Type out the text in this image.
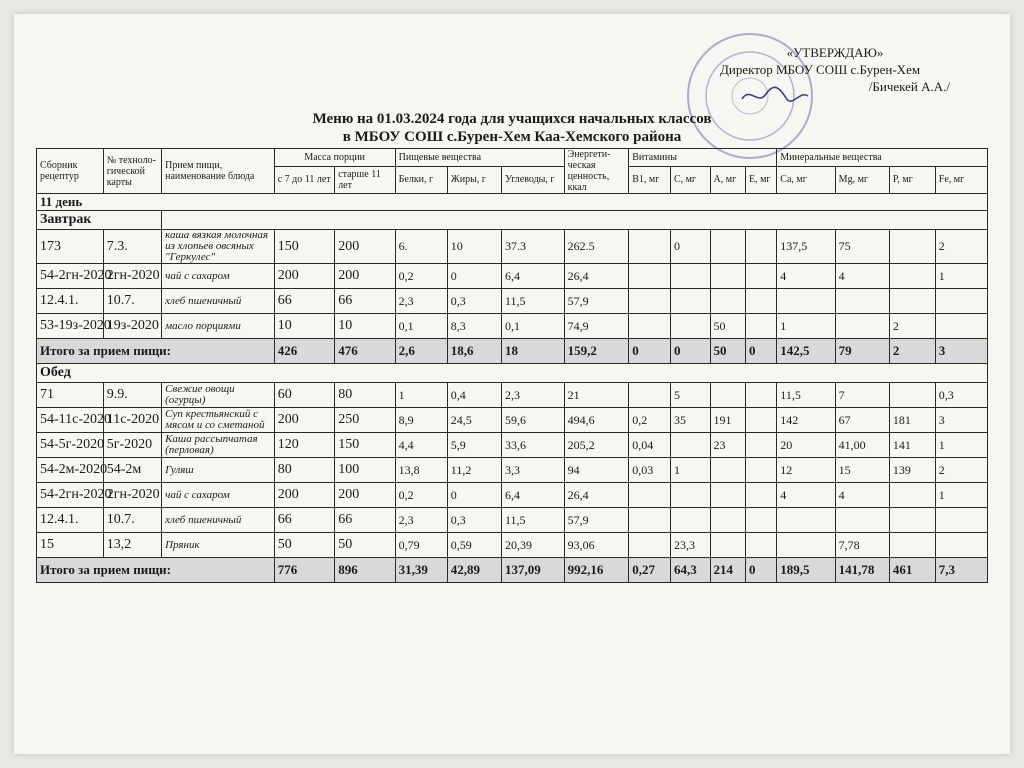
«УТВЕРЖДАЮ»
Директор МБОУ СОШ с.Бурен-Хем
/Бичекей А.А./
Меню на 01.03.2024 года для учащихся начальных классов
в МБОУ СОШ с.Бурен-Хем Каа-Хемского района
Сборник рецептур	№ техноло-гической карты	Прием пищи, наименование блюда	Масса порции		Пищевые вещества			Энергети-ческая ценность, ккал	Витамины				Минеральные вещества			
			с 7 до 11 лет	старше 11 лет	Белки, г	Жиры, г	Углеводы, г		В1, мг	С, мг	А, мг	Е, мг	Ca, мг	Mg, мг	P, мг	Fe, мг
11 день																
Завтрак																
173	7.3.	каша вязкая молочная из хлопьев овсяных "Геркулес"	150	200	6.	10	37.3	262.5		0			137,5	75		2
54-2гн-2020	2гн-2020	чай с сахаром	200	200	0,2	0	6,4	26,4					4	4		1
12.4.1.	10.7.	хлеб пшеничный	66	66	2,3	0,3	11,5	57,9								
53-19з-2020	19з-2020	масло порциями	10	10	0,1	8,3	0,1	74,9			50		1		2	
Итого за прием пищи:			426	476	2,6	18,6	18	159,2	0	0	50	0	142,5	79	2	3
Обед																
71	9.9.	Свежие овощи (огурцы)	60	80	1	0,4	2,3	21		5			11,5	7		0,3
54-11с-2020	11с-2020	Суп крестьянский с мясом и со сметаной	200	250	8,9	24,5	59,6	494,6	0,2	35	191		142	67	181	3
54-5г-2020	5г-2020	Каша рассыпчатая (перловая)	120	150	4,4	5,9	33,6	205,2	0,04		23		20	41,00	141	1
54-2м-2020	54-2м	Гуляш	80	100	13,8	11,2	3,3	94	0,03	1			12	15	139	2
54-2гн-2020	2гн-2020	чай с сахаром	200	200	0,2	0	6,4	26,4					4	4		1
12.4.1.	10.7.	хлеб пшеничный	66	66	2,3	0,3	11,5	57,9								
15	13,2	Пряник	50	50	0,79	0,59	20,39	93,06		23,3				7,78		
Итого за прием пищи:			776	896	31,39	42,89	137,09	992,16	0,27	64,3	214	0	189,5	141,78	461	7,3
